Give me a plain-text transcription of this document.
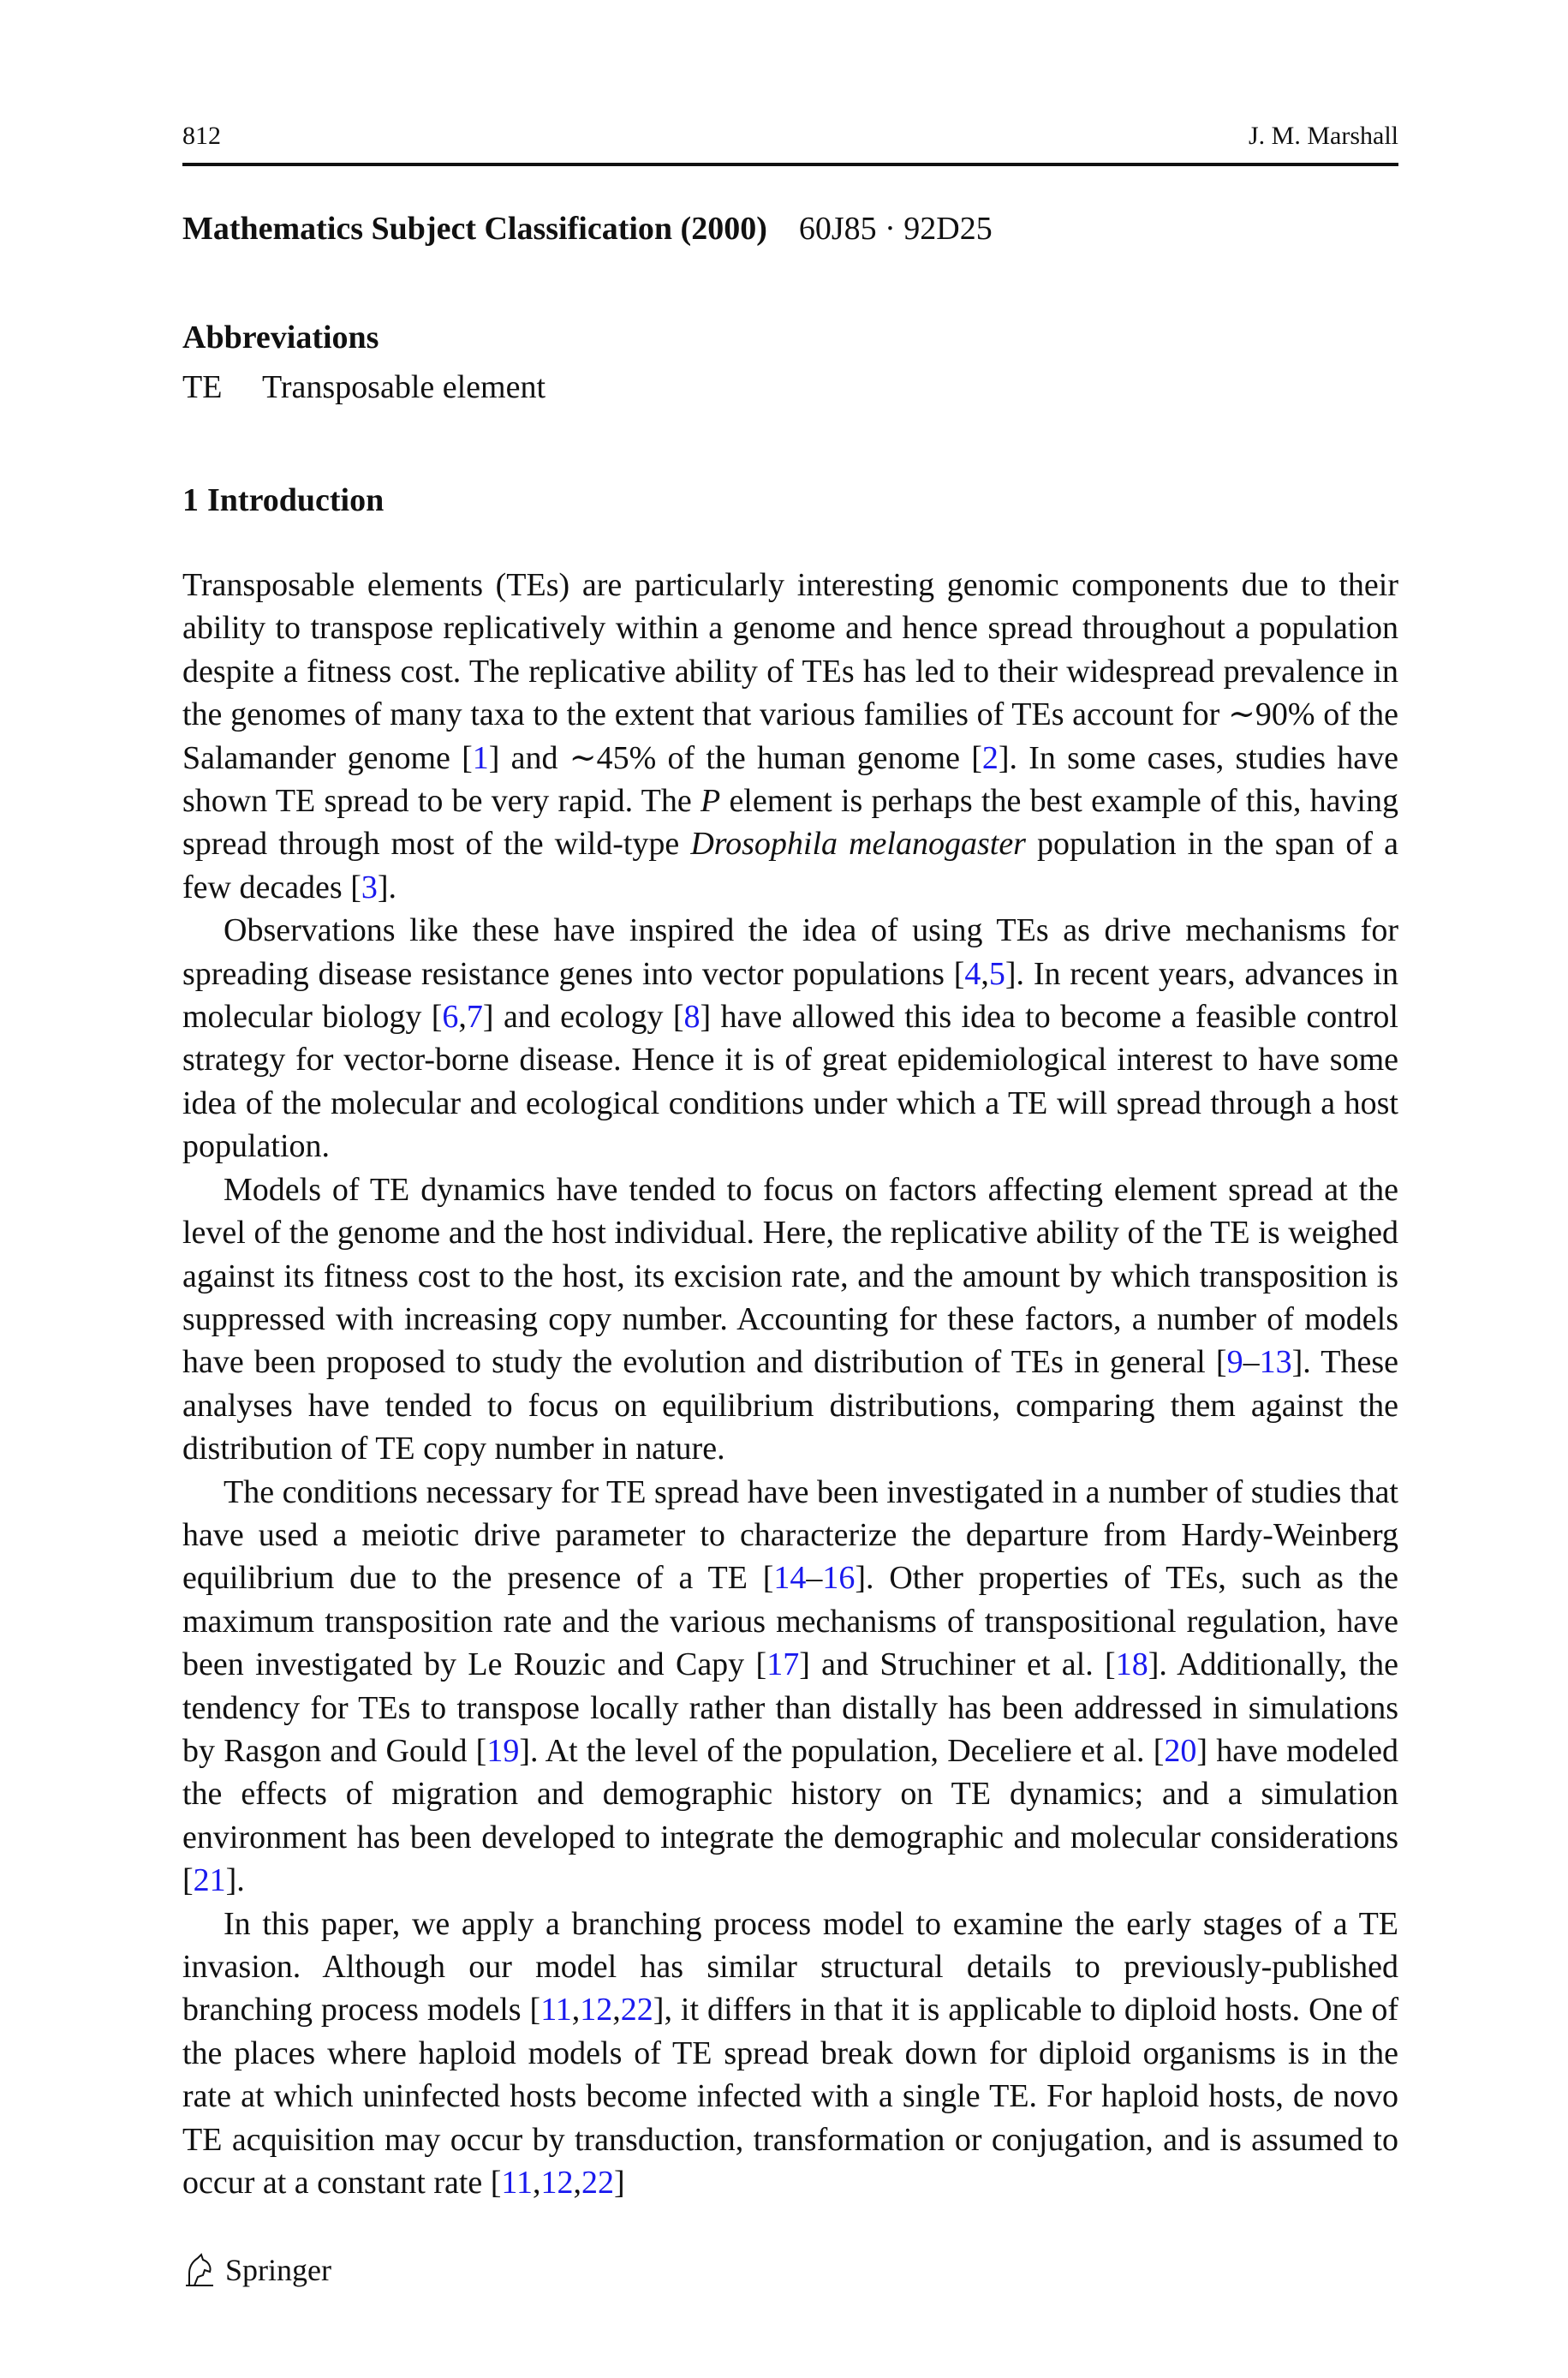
812	J. M. Marshall
Mathematics Subject Classification (2000) 60J85 · 92D25
Abbreviations
TE Transposable element
1 Introduction

Transposable elements (TEs) are particularly interesting genomic components due to their ability to transpose replicatively within a genome and hence spread throughout a population despite a fitness cost. The replicative ability of TEs has led to their widespread prevalence in the genomes of many taxa to the extent that various families of TEs account for ∼90% of the Salamander genome [1] and ∼45% of the human genome [2]. In some cases, studies have shown TE spread to be very rapid. The P element is perhaps the best example of this, having spread through most of the wild-type Drosophila melanogaster population in the span of a few decades [3].

Observations like these have inspired the idea of using TEs as drive mechanisms for spreading disease resistance genes into vector populations [4,5]. In recent years, advances in molecular biology [6,7] and ecology [8] have allowed this idea to become a feasible control strategy for vector-borne disease. Hence it is of great epidemiological interest to have some idea of the molecular and ecological conditions under which a TE will spread through a host population.

Models of TE dynamics have tended to focus on factors affecting element spread at the level of the genome and the host individual. Here, the replicative ability of the TE is weighed against its fitness cost to the host, its excision rate, and the amount by which transposition is suppressed with increasing copy number. Accounting for these factors, a number of models have been proposed to study the evolution and distribution of TEs in general [9–13]. These analyses have tended to focus on equilibrium distributions, comparing them against the distribution of TE copy number in nature.

The conditions necessary for TE spread have been investigated in a number of studies that have used a meiotic drive parameter to characterize the departure from Hardy-Weinberg equilibrium due to the presence of a TE [14–16]. Other properties of TEs, such as the maximum transposition rate and the various mechanisms of transpositional regulation, have been investigated by Le Rouzic and Capy [17] and Struchiner et al. [18]. Additionally, the tendency for TEs to transpose locally rather than distally has been addressed in simulations by Rasgon and Gould [19]. At the level of the population, Deceliere et al. [20] have modeled the effects of migration and demographic history on TE dynamics; and a simulation environment has been developed to integrate the demographic and molecular considerations [21].

In this paper, we apply a branching process model to examine the early stages of a TE invasion. Although our model has similar structural details to previously-published branching process models [11,12,22], it differs in that it is applicable to diploid hosts. One of the places where haploid models of TE spread break down for diploid organisms is in the rate at which uninfected hosts become infected with a single TE. For haploid hosts, de novo TE acquisition may occur by transduction, transformation or conjugation, and is assumed to occur at a constant rate [11,12,22]

Springer
